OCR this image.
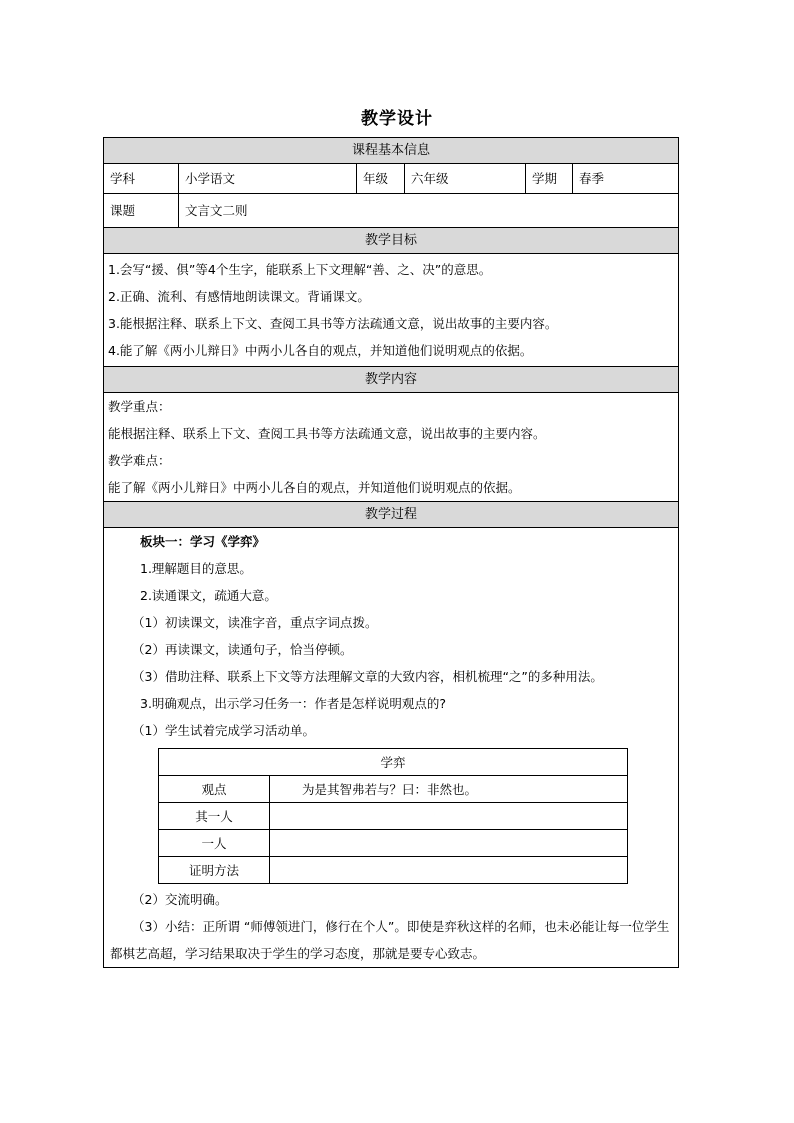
教学设计
课程基本信息
学科	小学语文	年级	六年级	学期	春季
课题	文言文二则
教学目标

1.会写“援、俱”等4个生字，能联系上下文理解“善、之、决”的意思。

2.正确、流利、有感情地朗读课文。背诵课文。

3.能根据注释、联系上下文、查阅工具书等方法疏通文意，说出故事的主要内容。

4.能了解《两小儿辩日》中两小儿各自的观点，并知道他们说明观点的依据。

教学内容

教学重点：

能根据注释、联系上下文、查阅工具书等方法疏通文意，说出故事的主要内容。

教学难点：

能了解《两小儿辩日》中两小儿各自的观点，并知道他们说明观点的依据。

教学过程

板块一：学习《学弈》

1.理解题目的意思。

2.读通课文，疏通大意。

（1）初读课文，读准字音，重点字词点拨。

（2）再读课文，读通句子，恰当停顿。

（3）借助注释、联系上下文等方法理解文章的大致内容，相机梳理“之”的多种用法。

3.明确观点，出示学习任务一：作者是怎样说明观点的?

（1）学生试着完成学习活动单。

学弈	
观点	为是其智弗若与？曰：非然也。
其一人	
一人	
证明方法	

（2）交流明确。

（3）小结：正所谓 “师傅领进门，修行在个人”。即使是弈秋这样的名师，也未必能让每一位学生都棋艺高超，学习结果取决于学生的学习态度，那就是要专心致志。
